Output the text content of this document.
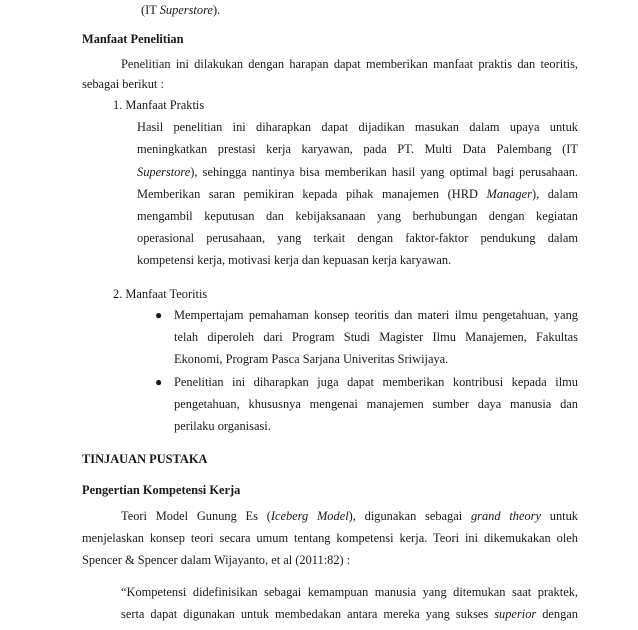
(IT Superstore).
Manfaat Penelitian
Penelitian ini dilakukan dengan harapan dapat memberikan manfaat praktis dan teoritis,
sebagai berikut :
1. Manfaat Praktis
Hasil penelitian ini diharapkan dapat dijadikan masukan dalam upaya untuk
meningkatkan prestasi kerja karyawan, pada PT. Multi Data Palembang (IT
Superstore), sehingga nantinya bisa memberikan hasil yang optimal bagi perusahaan.
Memberikan saran pemikiran kepada pihak manajemen (HRD Manager), dalam
mengambil keputusan dan kebijaksanaan yang berhubungan dengan kegiatan
operasional perusahaan, yang terkait dengan faktor-faktor pendukung dalam
kompetensi kerja, motivasi kerja dan kepuasan kerja karyawan.
2. Manfaat Teoritis
● Mempertajam pemahaman konsep teoritis dan materi ilmu pengetahuan, yang
telah diperoleh dari Program Studi Magister Ilmu Manajemen, Fakultas
Ekonomi, Program Pasca Sarjana Univeritas Sriwijaya.
● Penelitian ini diharapkan juga dapat memberikan kontribusi kepada ilmu
pengetahuan, khususnya mengenai manajemen sumber daya manusia dan
perilaku organisasi.
TINJAUAN PUSTAKA
Pengertian Kompetensi Kerja
Teori Model Gunung Es (Iceberg Model), digunakan sebagai grand theory untuk
menjelaskan konsep teori secara umum tentang kompetensi kerja. Teori ini dikemukakan oleh
Spencer & Spencer dalam Wijayanto, et al (2011:82) :
“Kompetensi didefinisikan sebagai kemampuan manusia yang ditemukan saat praktek,
serta dapat digunakan untuk membedakan antara mereka yang sukses superior dengan
